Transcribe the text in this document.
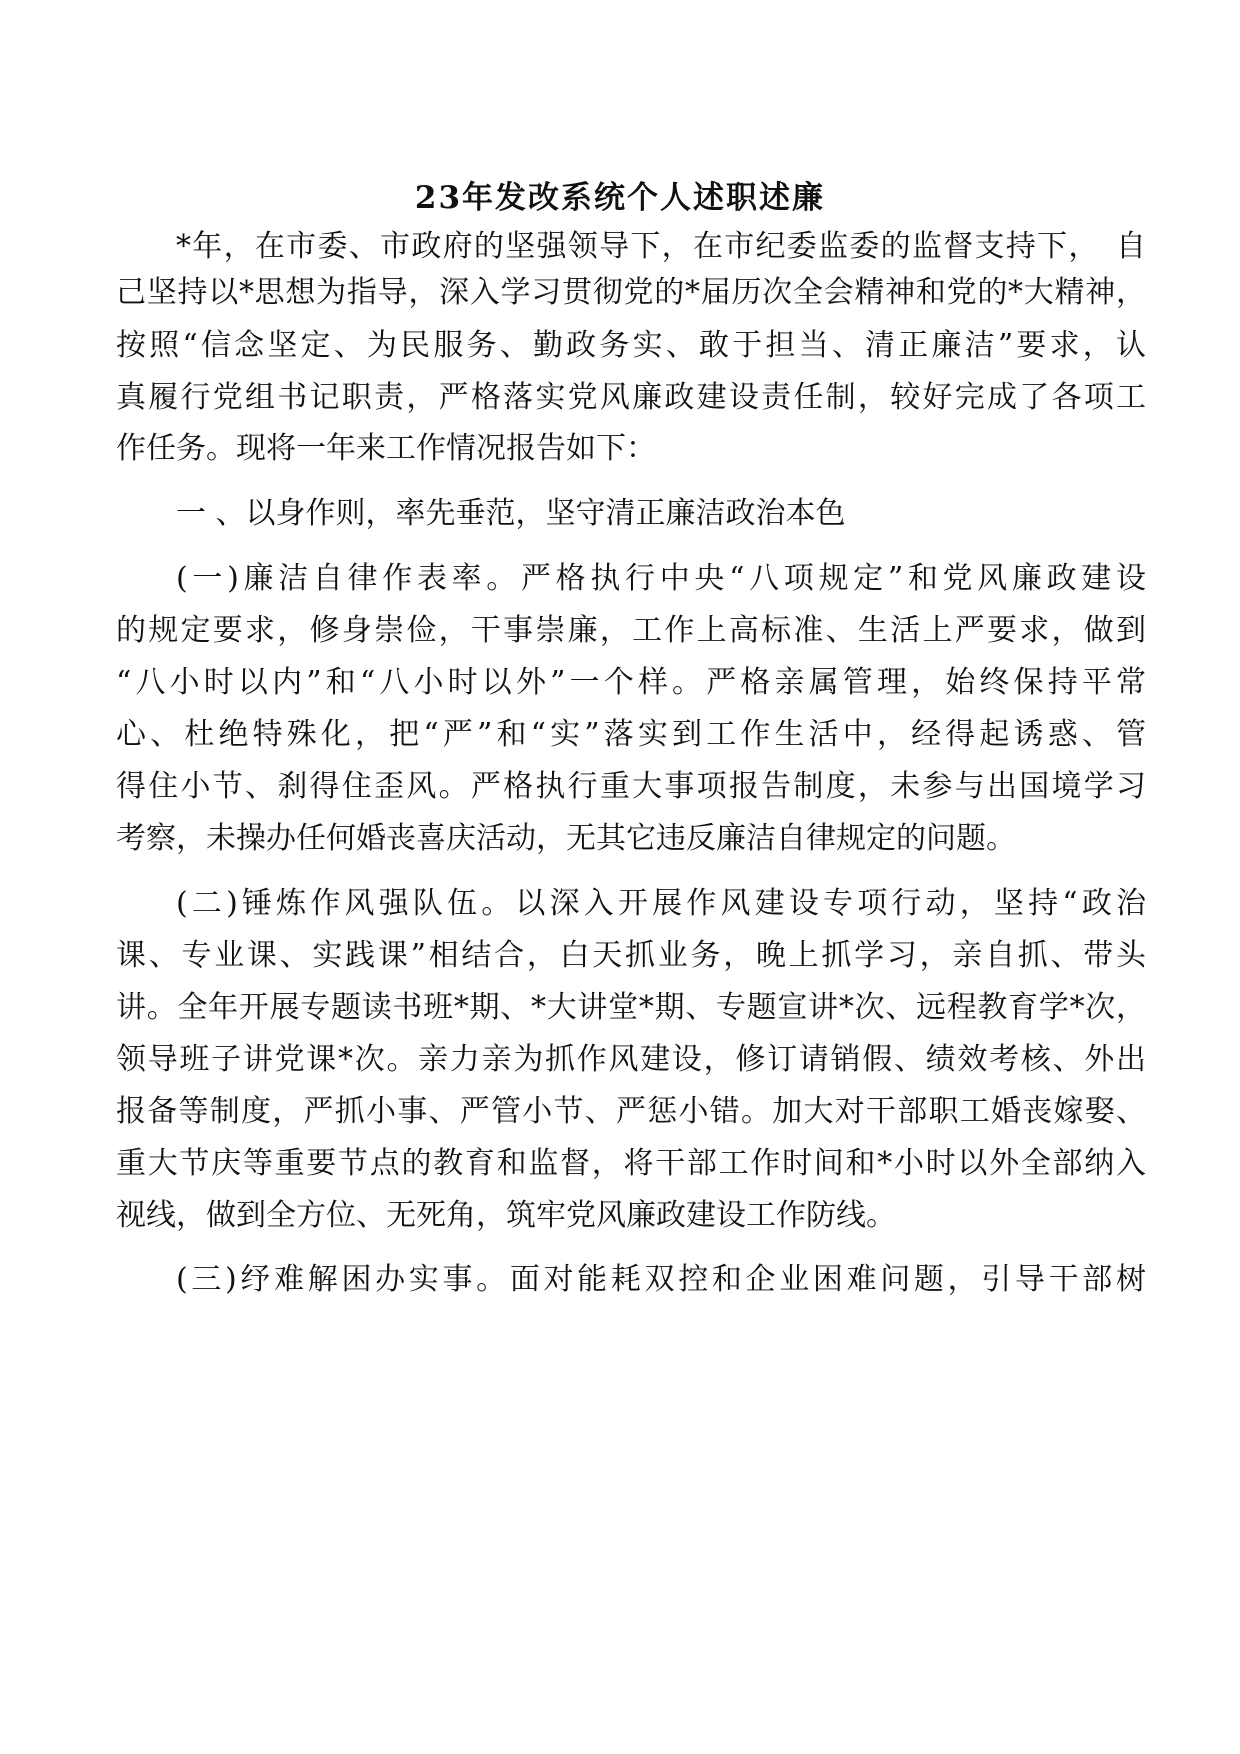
23年发改系统个人述职述廉
*年，在市委、市政府的坚强领导下，在市纪委监委的监督支持下，　自
己坚持以*思想为指导，深入学习贯彻党的*届历次全会精神和党的*大精神，
按照“信念坚定、为民服务、勤政务实、敢于担当、清正廉洁”要求，认
真履行党组书记职责，严格落实党风廉政建设责任制，较好完成了各项工
作任务。现将一年来工作情况报告如下：
一 、以身作则，率先垂范，坚守清正廉洁政治本色
(一)廉洁自律作表率。严格执行中央“八项规定”和党风廉政建设
的规定要求，修身崇俭，干事崇廉，工作上高标准、生活上严要求，做到
“八小时以内”和“八小时以外”一个样。严格亲属管理，始终保持平常
心、杜绝特殊化，把“严”和“实”落实到工作生活中，经得起诱惑、管
得住小节、刹得住歪风。严格执行重大事项报告制度，未参与出国境学习
考察，未操办任何婚丧喜庆活动，无其它违反廉洁自律规定的问题。
(二)锤炼作风强队伍。以深入开展作风建设专项行动，坚持“政治
课、专业课、实践课”相结合，白天抓业务，晚上抓学习，亲自抓、带头
讲。全年开展专题读书班*期、*大讲堂*期、专题宣讲*次、远程教育学*次，
领导班子讲党课*次。亲力亲为抓作风建设，修订请销假、绩效考核、外出
报备等制度，严抓小事、严管小节、严惩小错。加大对干部职工婚丧嫁娶、
重大节庆等重要节点的教育和监督，将干部工作时间和*小时以外全部纳入
视线，做到全方位、无死角，筑牢党风廉政建设工作防线。
(三)纾难解困办实事。面对能耗双控和企业困难问题，引导干部树
